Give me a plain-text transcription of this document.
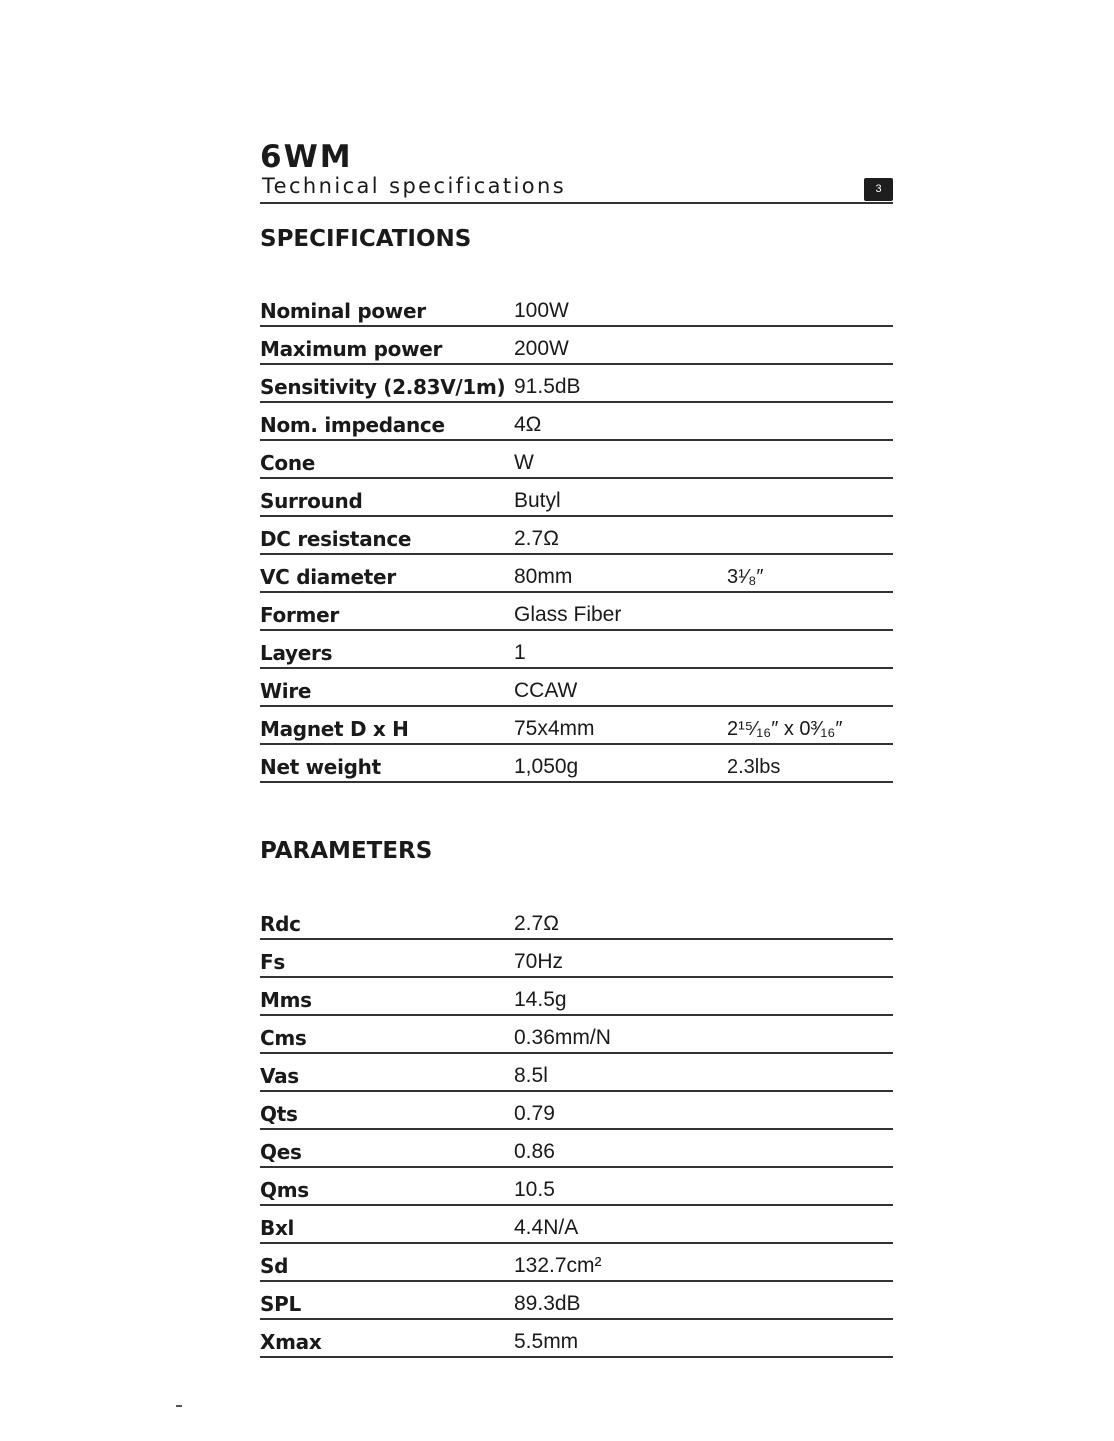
6WM
Technical specifications	3
SPECIFICATIONS
Nominal power	100W	
Maximum power	200W	
Sensitivity (2.83V/1m)	91.5dB	
Nom. impedance	4Ω	
Cone	W	
Surround	Butyl	
DC resistance	2.7Ω	
VC diameter	80mm	3¹⁄₈″
Former	Glass Fiber	
Layers	1	
Wire	CCAW	
Magnet D x H	75x4mm	2¹⁵⁄₁₆″ x 0³⁄₁₆″
Net weight	1,050g	2.3lbs
PARAMETERS
Rdc	2.7Ω	
Fs	70Hz	
Mms	14.5g	
Cms	0.36mm/N	
Vas	8.5l	
Qts	0.79	
Qes	0.86	
Qms	10.5	
Bxl	4.4N/A	
Sd	132.7cm²	
SPL	89.3dB	
Xmax	5.5mm	
